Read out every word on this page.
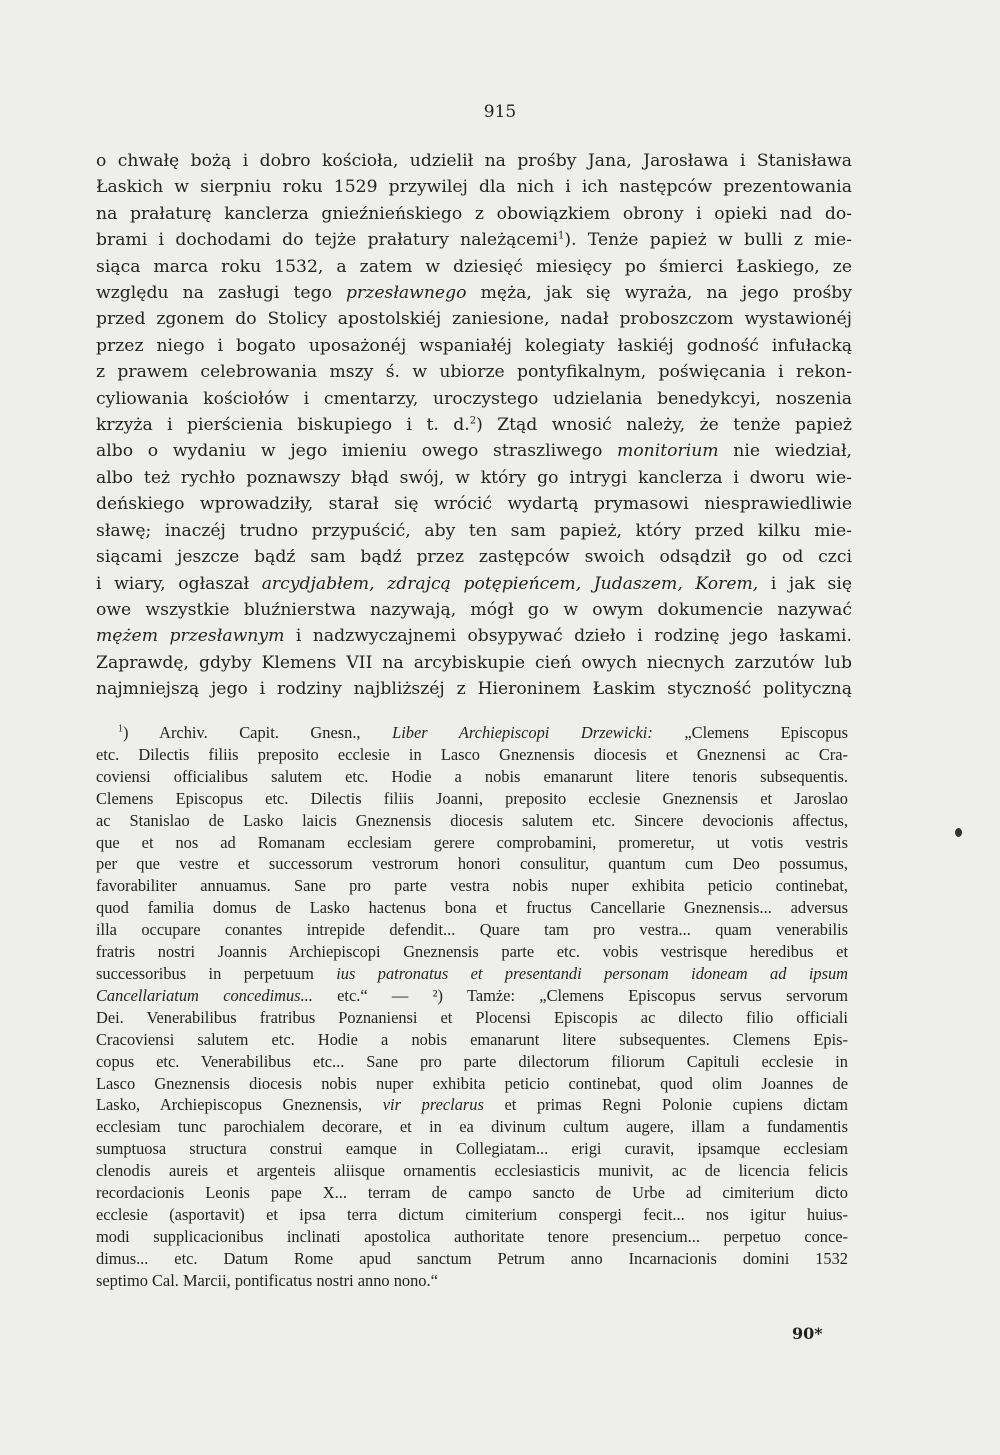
915
o chwałę bożą i dobro kościoła, udzielił na prośby Jana, Jarosława i Stanisława
Łaskich w sierpniu roku 1529 przywilej dla nich i ich następców prezentowania
na prałaturę kanclerza gnieźnieńskiego z obowiązkiem obrony i opieki nad do-
brami i dochodami do tejże prałatury należącemi$^1$). Tenże papież w bulli z mie-
siąca marca roku 1532, a zatem w dziesięć miesięcy po śmierci Łaskiego, ze
względu na zasługi tego przesławnego męża, jak się wyraża, na jego prośby
przed zgonem do Stolicy apostolskiéj zaniesione, nadał proboszczom wystawionéj
przez niego i bogato uposażonéj wspaniałéj kolegiaty łaskiéj godność infułacką
z prawem celebrowania mszy ś. w ubiorze pontyfikalnym, poświęcania i rekon-
cyliowania kościołów i cmentarzy, uroczystego udzielania benedykcyi, noszenia
krzyża i pierścienia biskupiego i t. d.$^2$) Ztąd wnosić należy, że tenże papież
albo o wydaniu w jego imieniu owego straszliwego monitorium nie wiedział,
albo też rychło poznawszy błąd swój, w który go intrygi kanclerza i dworu wie-
deńskiego wprowadziły, starał się wrócić wydartą prymasowi niesprawiedliwie
sławę; inaczéj trudno przypuścić, aby ten sam papież, który przed kilku mie-
siącami jeszcze bądź sam bądź przez zastępców swoich odsądził go od czci
i wiary, ogłaszał arcydjabłem, zdrajcą potępieńcem, Judaszem, Korem, i jak się
owe wszystkie bluźnierstwa nazywają, mógł go w owym dokumencie nazywać
mężem przesławnym i nadzwyczajnemi obsypywać dzieło i rodzinę jego łaskami.
Zaprawdę, gdyby Klemens VII na arcybiskupie cień owych niecnych zarzutów lub
najmniejszą jego i rodziny najbliższéj z Hieroninem Łaskim styczność polityczną
$^1$) Archiv. Capit. Gnesn., Liber Archiepiscopi Drzewicki: „Clemens Episcopus
etc. Dilectis filiis preposito ecclesie in Lasco Gneznensis diocesis et Gneznensi ac Cra-
coviensi officialibus salutem etc. Hodie a nobis emanarunt litere tenoris subsequentis.
Clemens Episcopus etc. Dilectis filiis Joanni, preposito ecclesie Gneznensis et Jaroslao
ac Stanislao de Lasko laicis Gneznensis diocesis salutem etc. Sincere devocionis affectus,
que et nos ad Romanam ecclesiam gerere comprobamini, promeretur, ut votis vestris
per que vestre et successorum vestrorum honori consulitur, quantum cum Deo possumus,
favorabiliter annuamus. Sane pro parte vestra nobis nuper exhibita peticio continebat,
quod familia domus de Lasko hactenus bona et fructus Cancellarie Gneznensis... adversus
illa occupare conantes intrepide defendit... Quare tam pro vestra... quam venerabilis
fratris nostri Joannis Archiepiscopi Gneznensis parte etc. vobis vestrisque heredibus et
successoribus in perpetuum ius patronatus et presentandi personam idoneam ad ipsum
Cancellariatum concedimus... etc.“ — ²) Tamże: „Clemens Episcopus servus servorum
Dei. Venerabilibus fratribus Poznaniensi et Plocensi Episcopis ac dilecto filio officiali
Cracoviensi salutem etc. Hodie a nobis emanarunt litere subsequentes. Clemens Epis-
copus etc. Venerabilibus etc... Sane pro parte dilectorum filiorum Capituli ecclesie in
Lasco Gneznensis diocesis nobis nuper exhibita peticio continebat, quod olim Joannes de
Lasko, Archiepiscopus Gneznensis, vir preclarus et primas Regni Polonie cupiens dictam
ecclesiam tunc parochialem decorare, et in ea divinum cultum augere, illam a fundamentis
sumptuosa structura construi eamque in Collegiatam... erigi curavit, ipsamque ecclesiam
clenodis aureis et argenteis aliisque ornamentis ecclesiasticis munivit, ac de licencia felicis
recordacionis Leonis pape X... terram de campo sancto de Urbe ad cimiterium dicto
ecclesie (asportavit) et ipsa terra dictum cimiterium conspergi fecit... nos igitur huius-
modi supplicacionibus inclinati apostolica authoritate tenore presencium... perpetuo conce-
dimus... etc. Datum Rome apud sanctum Petrum anno Incarnacionis domini 1532
septimo Cal. Marcii, pontificatus nostri anno nono.“
90*
